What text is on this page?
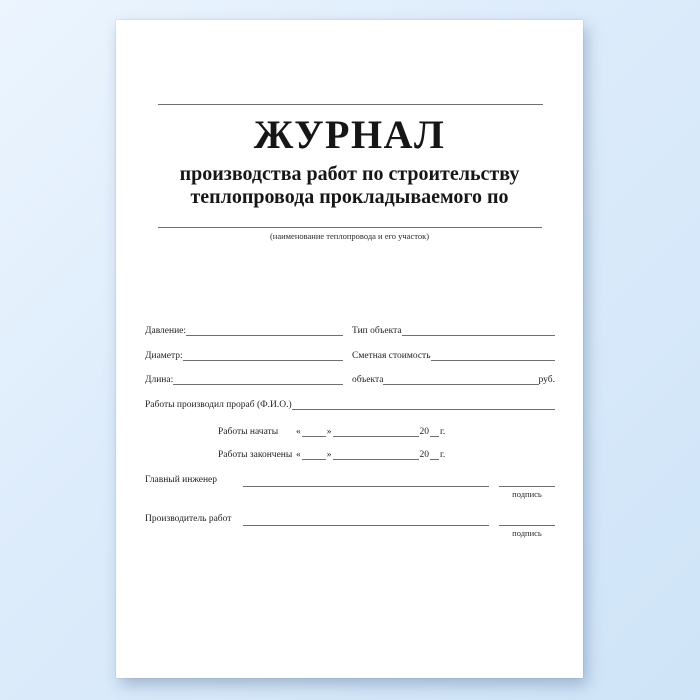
ЖУРНАЛ
производства работ по строительству
теплопровода прокладываемого по
(наименование теплопровода и его участок)
Давление:	Тип объекта
Диаметр:	Сметная стоимость
Длина:	объекта	руб.
Работы производил прораб (Ф.И.О.)
Работы начаты	«	»	20 г.
Работы закончены «	»	20 г.
Главный инженер
подпись
Производитель работ
подпись
